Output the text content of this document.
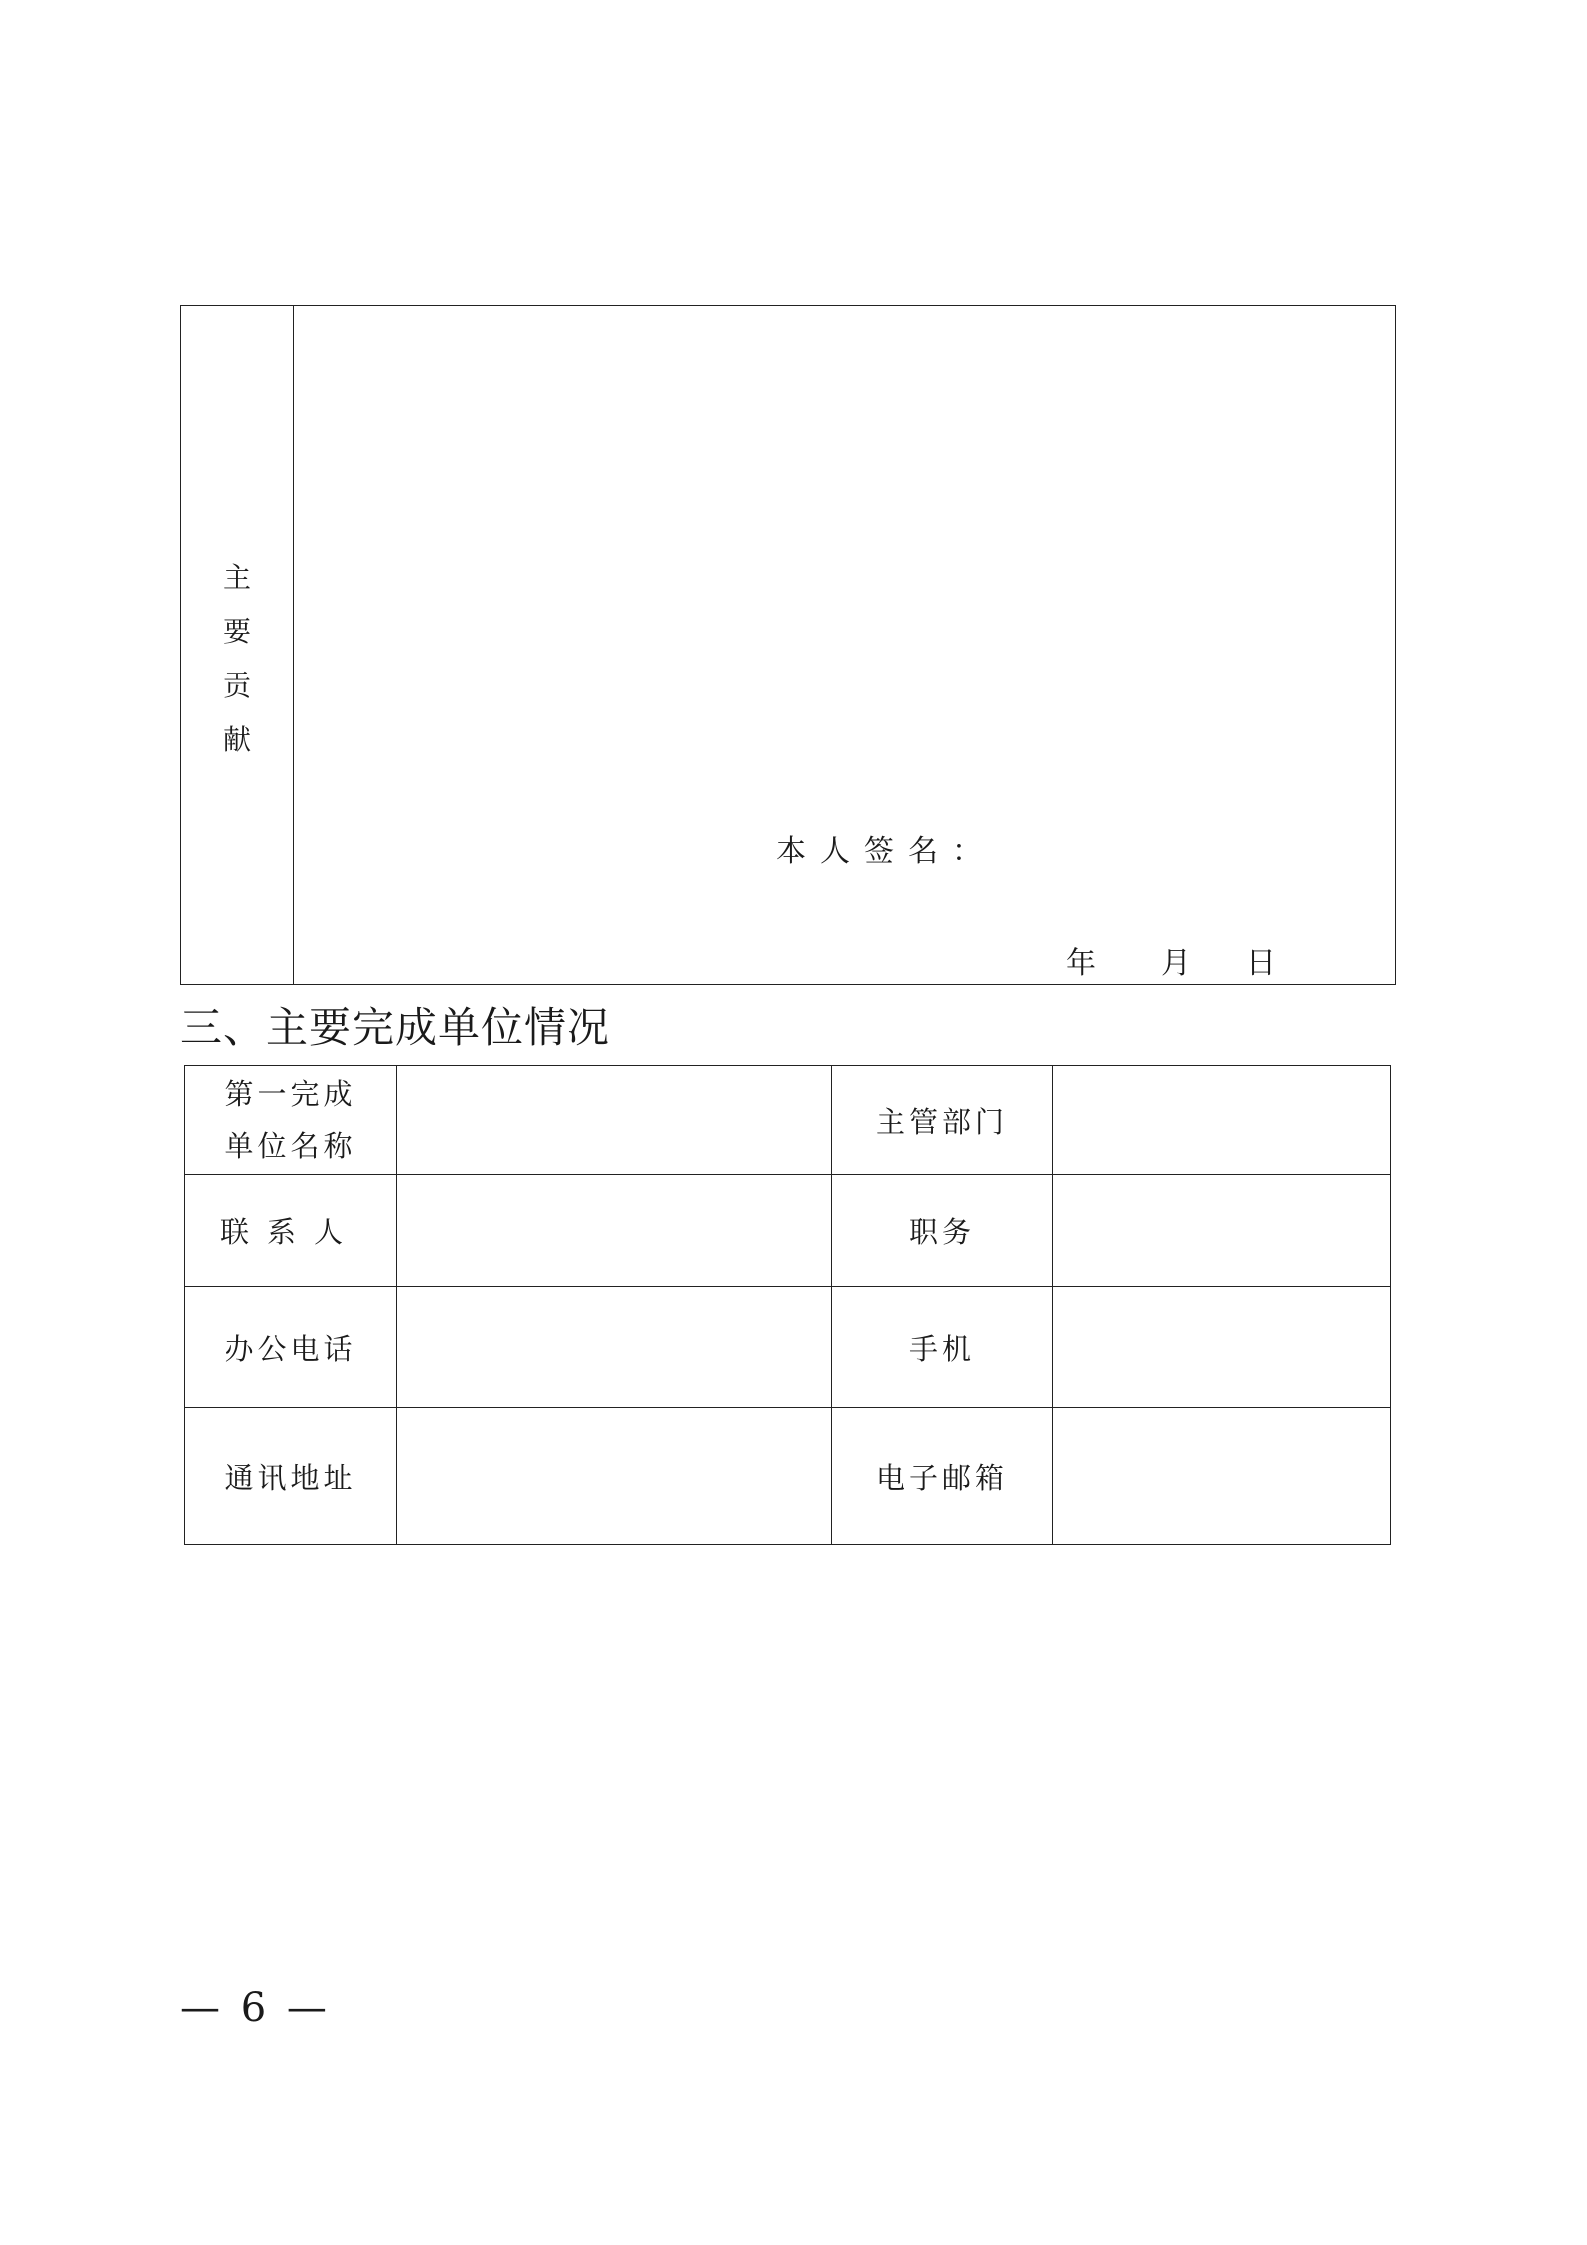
主
要
贡
献
本人签名：
年 月 日
三、主要完成单位情况
第一完成
单位名称		主管部门	
联系人		职务	
办公电话		手机	
通讯地址		电子邮箱	
— 6 —
